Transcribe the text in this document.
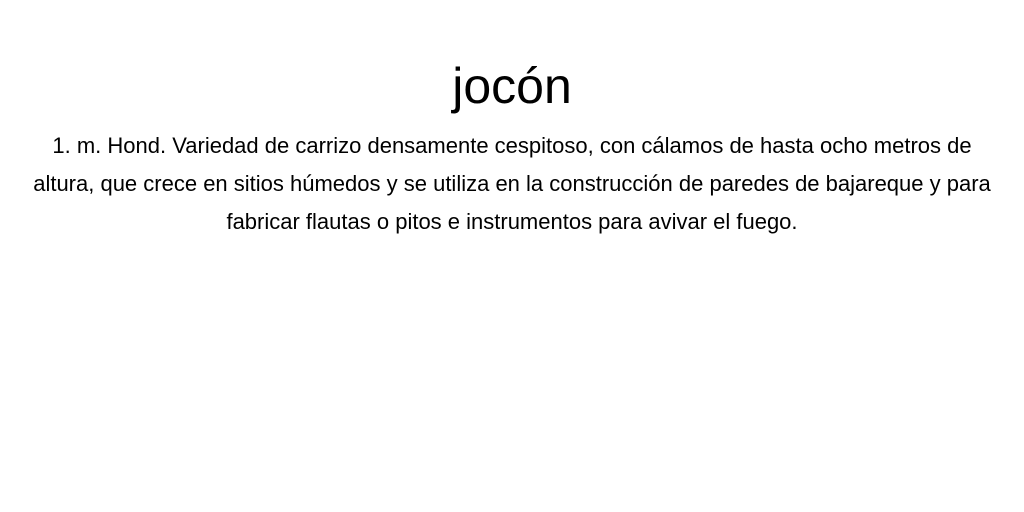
jocón

1. m. Hond. Variedad de carrizo densamente cespitoso, con cálamos de hasta ocho metros de altura, que crece en sitios húmedos y se utiliza en la construcción de paredes de bajareque y para fabricar flautas o pitos e instrumentos para avivar el fuego.
